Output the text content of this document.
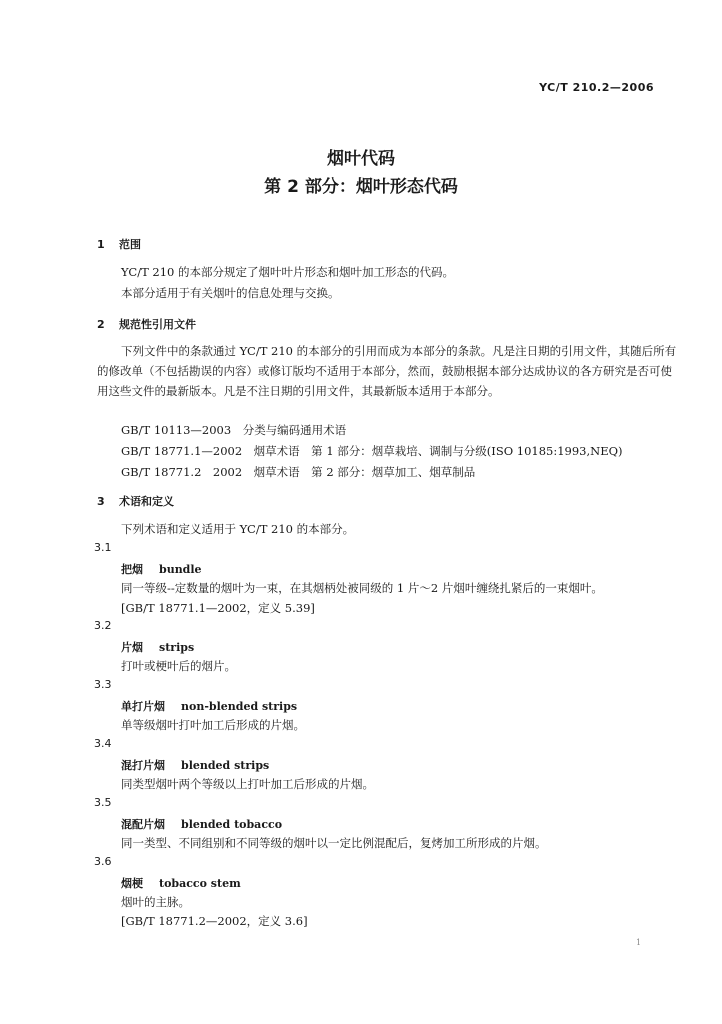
YC/T 210.2—2006
烟叶代码
第 2 部分：烟叶形态代码
1 范围
YC/T 210 的本部分规定了烟叶叶片形态和烟叶加工形态的代码。
本部分适用于有关烟叶的信息处理与交换。
2 规范性引用文件
下列文件中的条款通过 YC/T 210 的本部分的引用而成为本部分的条款。凡是注日期的引用文件，其随后所有的修改单（不包括勘误的内容）或修订版均不适用于本部分，然而，鼓励根据本部分达成协议的各方研究是否可使用这些文件的最新版本。凡是不注日期的引用文件，其最新版本适用于本部分。
GB/T 10113—2003　分类与编码通用术语
GB/T 18771.1—2002　烟草术语　第 1 部分：烟草栽培、调制与分级(ISO 10185:1993,NEQ)
GB/T 18771.2　2002　烟草术语　第 2 部分：烟草加工、烟草制品
3 术语和定义
下列术语和定义适用于 YC/T 210 的本部分。
3.1
把烟 bundle
同一等级--定数量的烟叶为一束，在其烟柄处被同级的 1 片～2 片烟叶缠绕扎紧后的一束烟叶。
[GB/T 18771.1—2002，定义 5.39]
3.2
片烟 strips
打叶或梗叶后的烟片。
3.3
单打片烟 non-blended strips
单等级烟叶打叶加工后形成的片烟。
3.4
混打片烟 blended strips
同类型烟叶两个等级以上打叶加工后形成的片烟。
3.5
混配片烟 blended tobacco
同一类型、不同组别和不同等级的烟叶以一定比例混配后，复烤加工所形成的片烟。
3.6
烟梗 tobacco stem
烟叶的主脉。
[GB/T 18771.2—2002，定义 3.6]
1
